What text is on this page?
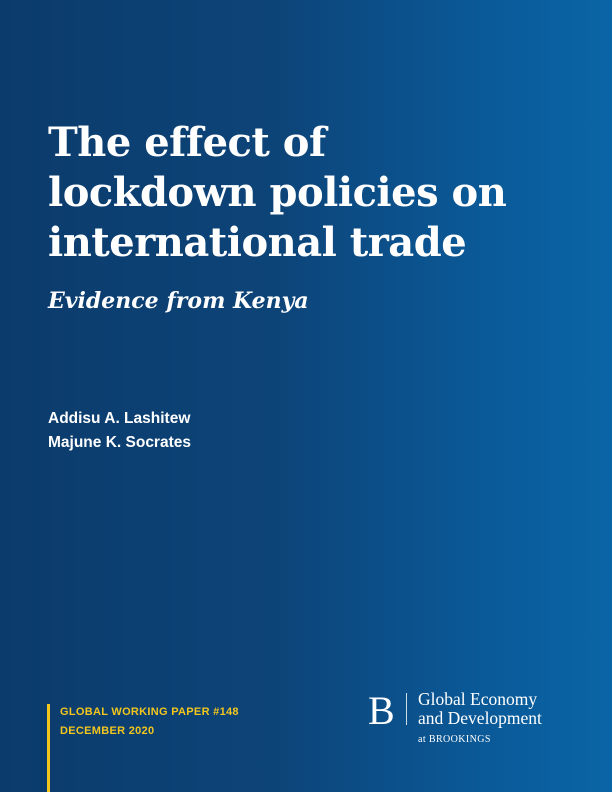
The effect of
lockdown policies on
international trade
Evidence from Kenya
Addisu A. Lashitew
Majune K. Socrates
GLOBAL WORKING PAPER #148
DECEMBER 2020	B Global Economy
and Development
at BROOKINGS
